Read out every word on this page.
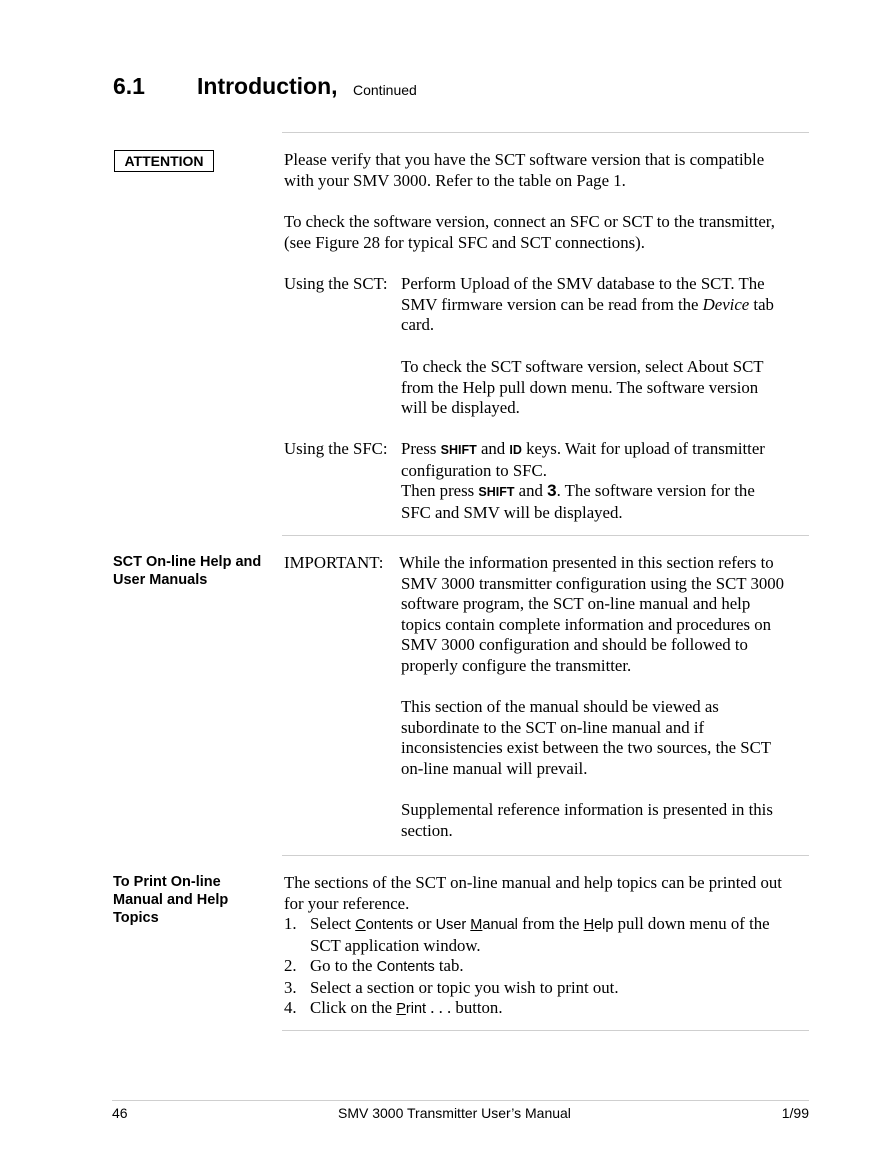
6.1 Introduction, Continued
ATTENTION	Please verify that you have the SCT software version that is compatible
with your SMV 3000. Refer to the table on Page 1.
To check the software version, connect an SFC or SCT to the transmitter,
(see Figure 28 for typical SFC and SCT connections).
Using the SCT: Perform Upload of the SMV database to the SCT. The
SMV firmware version can be read from the Device tab
card.
To check the SCT software version, select About SCT
from the Help pull down menu. The software version
will be displayed.
Using the SFC: Press SHIFT and ID keys. Wait for upload of transmitter
configuration to SFC.
Then press SHIFT and 3. The software version for the
SFC and SMV will be displayed.
SCT On-line Help and
User Manuals
IMPORTANT: While the information presented in this section refers to
SMV 3000 transmitter configuration using the SCT 3000
software program, the SCT on-line manual and help
topics contain complete information and procedures on
SMV 3000 configuration and should be followed to
properly configure the transmitter.
This section of the manual should be viewed as
subordinate to the SCT on-line manual and if
inconsistencies exist between the two sources, the SCT
on-line manual will prevail.
Supplemental reference information is presented in this
section.
To Print On-line
Manual and Help
Topics
The sections of the SCT on-line manual and help topics can be printed out
for your reference.
1. Select Contents or User Manual from the Help pull down menu of the
SCT application window.
2. Go to the Contents tab.
3. Select a section or topic you wish to print out.
4. Click on the Print . . . button.
46	SMV 3000 Transmitter User’s Manual	1/99
